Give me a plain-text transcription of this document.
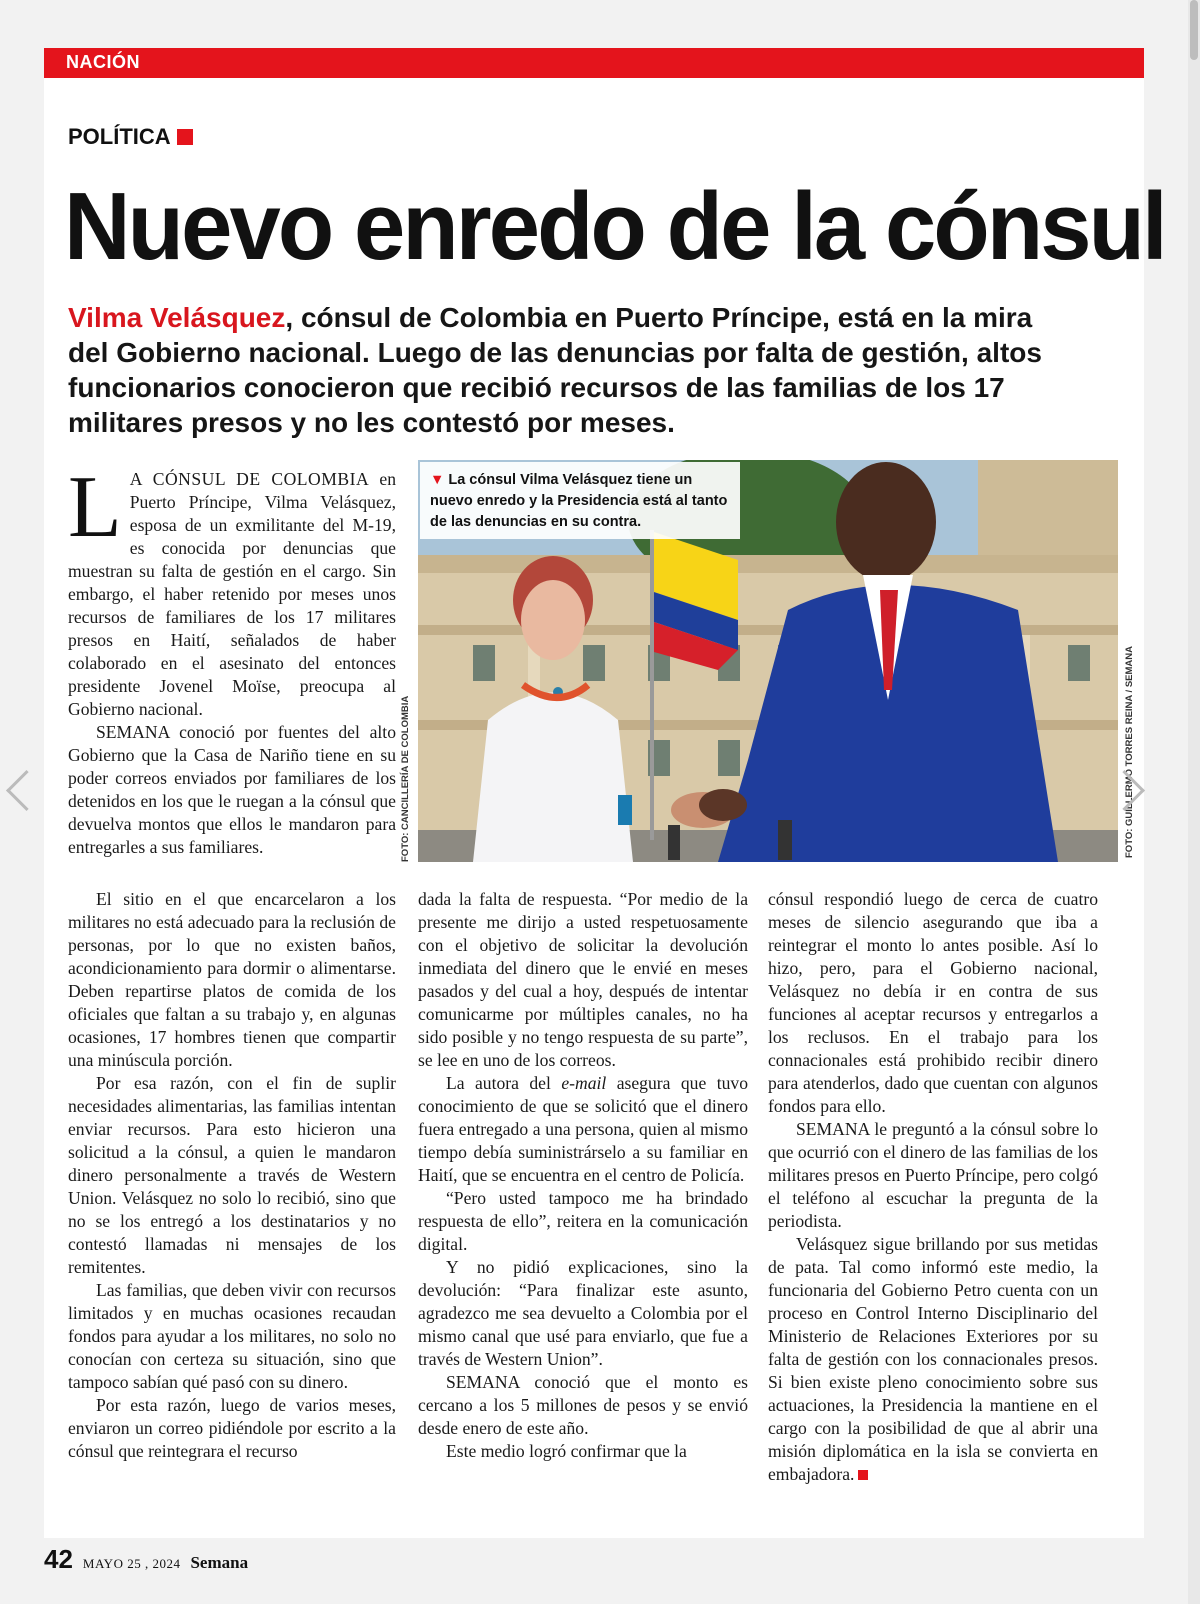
NACIÓN
POLÍTICA
Nuevo enredo de la cónsul
Vilma Velásquez, cónsul de Colombia en Puerto Príncipe, está en la mira del Gobierno nacional. Luego de las denuncias por falta de gestión, altos funcionarios conocieron que recibió recursos de las familias de los 17 militares presos y no les contestó por meses.

L A CÓNSUL DE COLOMBIA en Puerto Príncipe, Vilma Velásquez, esposa de un exmilitante del M-19, es conocida por denuncias que muestran su falta de gestión en el cargo. Sin embargo, el haber retenido por meses unos recursos de familiares de los 17 militares presos en Haití, señalados de haber colaborado en el asesinato del entonces presidente Jovenel Moïse, preocupa al Gobierno nacional.

SEMANA conoció por fuentes del alto Gobierno que la Casa de Nariño tiene en su poder correos enviados por familiares de los detenidos en los que le ruegan a la cónsul que devuelva montos que ellos le mandaron para entregarles a sus familiares.

El sitio en el que encarcelaron a los militares no está adecuado para la reclusión de personas, por lo que no existen baños, acondicionamiento para dormir o alimentarse. Deben repartirse platos de comida de los oficiales que faltan a su trabajo y, en algunas ocasiones, 17 hombres tienen que compartir una minúscula porción.

Por esa razón, con el fin de suplir necesidades alimentarias, las familias intentan enviar recursos. Para esto hicieron una solicitud a la cónsul, a quien le mandaron dinero personalmente a través de Western Union. Velásquez no solo lo recibió, sino que no se los entregó a los destinatarios y no contestó llamadas ni mensajes de los remitentes.

Las familias, que deben vivir con recursos limitados y en muchas ocasiones recaudan fondos para ayudar a los militares, no solo no conocían con certeza su situación, sino que tampoco sabían qué pasó con su dinero.

Por esta razón, luego de varios meses, enviaron un correo pidiéndole por escrito a la cónsul que reintegrara el recurso

dada la falta de respuesta. “Por medio de la presente me dirijo a usted respetuosamente con el objetivo de solicitar la devolución inmediata del dinero que le envié en meses pasados y del cual a hoy, después de intentar comunicarme por múltiples canales, no ha sido posible y no tengo respuesta de su parte”, se lee en uno de los correos.

La autora del e-mail asegura que tuvo conocimiento de que se solicitó que el dinero fuera entregado a una persona, quien al mismo tiempo debía suministrárselo a su familiar en Haití, que se encuentra en el centro de Policía.

“Pero usted tampoco me ha brindado respuesta de ello”, reitera en la comunicación digital.

Y no pidió explicaciones, sino la devolución: “Para finalizar este asunto, agradezco me sea devuelto a Colombia por el mismo canal que usé para enviarlo, que fue a través de Western Union”.

SEMANA conoció que el monto es cercano a los 5 millones de pesos y se envió desde enero de este año.

Este medio logró confirmar que la

cónsul respondió luego de cerca de cuatro meses de silencio asegurando que iba a reintegrar el monto lo antes posible. Así lo hizo, pero, para el Gobierno nacional, Velásquez no debía ir en contra de sus funciones al aceptar recursos y entregarlos a los reclusos. En el trabajo para los connacionales está prohibido recibir dinero para atenderlos, dado que cuentan con algunos fondos para ello.

SEMANA le preguntó a la cónsul sobre lo que ocurrió con el dinero de las familias de los militares presos en Puerto Príncipe, pero colgó el teléfono al escuchar la pregunta de la periodista.

Velásquez sigue brillando por sus metidas de pata. Tal como informó este medio, la funcionaria del Gobierno Petro cuenta con un proceso en Control Interno Disciplinario del Ministerio de Relaciones Exteriores por su falta de gestión con los connacionales presos. Si bien existe pleno conocimiento sobre sus actuaciones, la Presidencia la mantiene en el cargo con la posibilidad de que al abrir una misión diplomática en la isla se convierta en embajadora.

▼ La cónsul Vilma Velásquez tiene un nuevo enredo y la Presidencia está al tanto de las denuncias en su contra.
FOTO: CANCILLERÍA DE COLOMBIA	FOTO: GUILLERMO TORRES REINA / SEMANA
42 MAYO 25 , 2024 Semana
